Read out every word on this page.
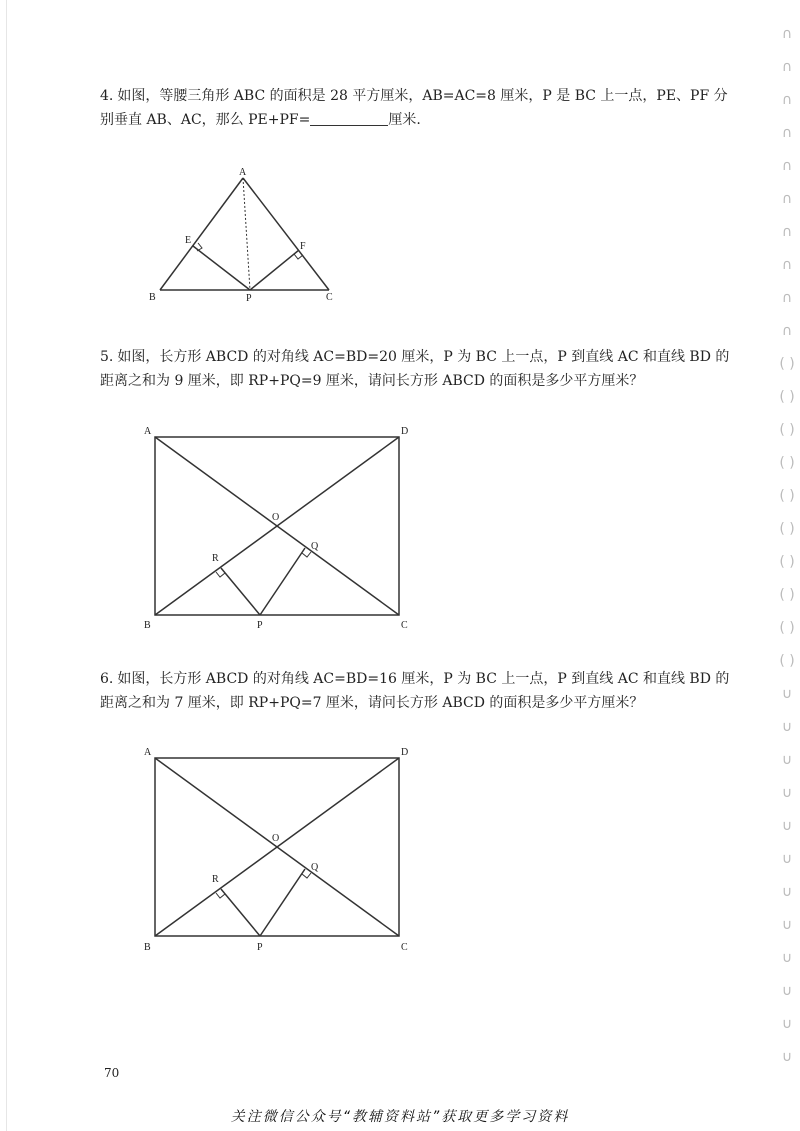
4. 如图，等腰三角形 ABC 的面积是 28 平方厘米，AB=AC=8 厘米，P 是 BC 上一点，PE、PF 分别垂直 AB、AC，那么 PE+PF=	厘米.
A
B	C
E
F
P
5. 如图，长方形 ABCD 的对角线 AC=BD=20 厘米，P 为 BC 上一点，P 到直线 AC 和直线 BD 的距离之和为 9 厘米，即 RP+PQ=9 厘米，请问长方形 ABCD 的面积是多少平方厘米？
A	D
B	C
O
P
Q
R
6. 如图，长方形 ABCD 的对角线 AC=BD=16 厘米，P 为 BC 上一点，P 到直线 AC 和直线 BD 的距离之和为 7 厘米，即 RP+PQ=7 厘米，请问长方形 ABCD 的面积是多少平方厘米？
A	D
B	C
O
P
Q
R
70
关注微信公众号“教辅资料站”获取更多学习资料
∩
∩
∩
∩
∩
∩
∩
∩
∩
∩
( )
( )
( )
( )
( )
( )
( )
( )
( )
( )
∪
∪
∪
∪
∪
∪
∪
∪
∪
∪
∪
∪
